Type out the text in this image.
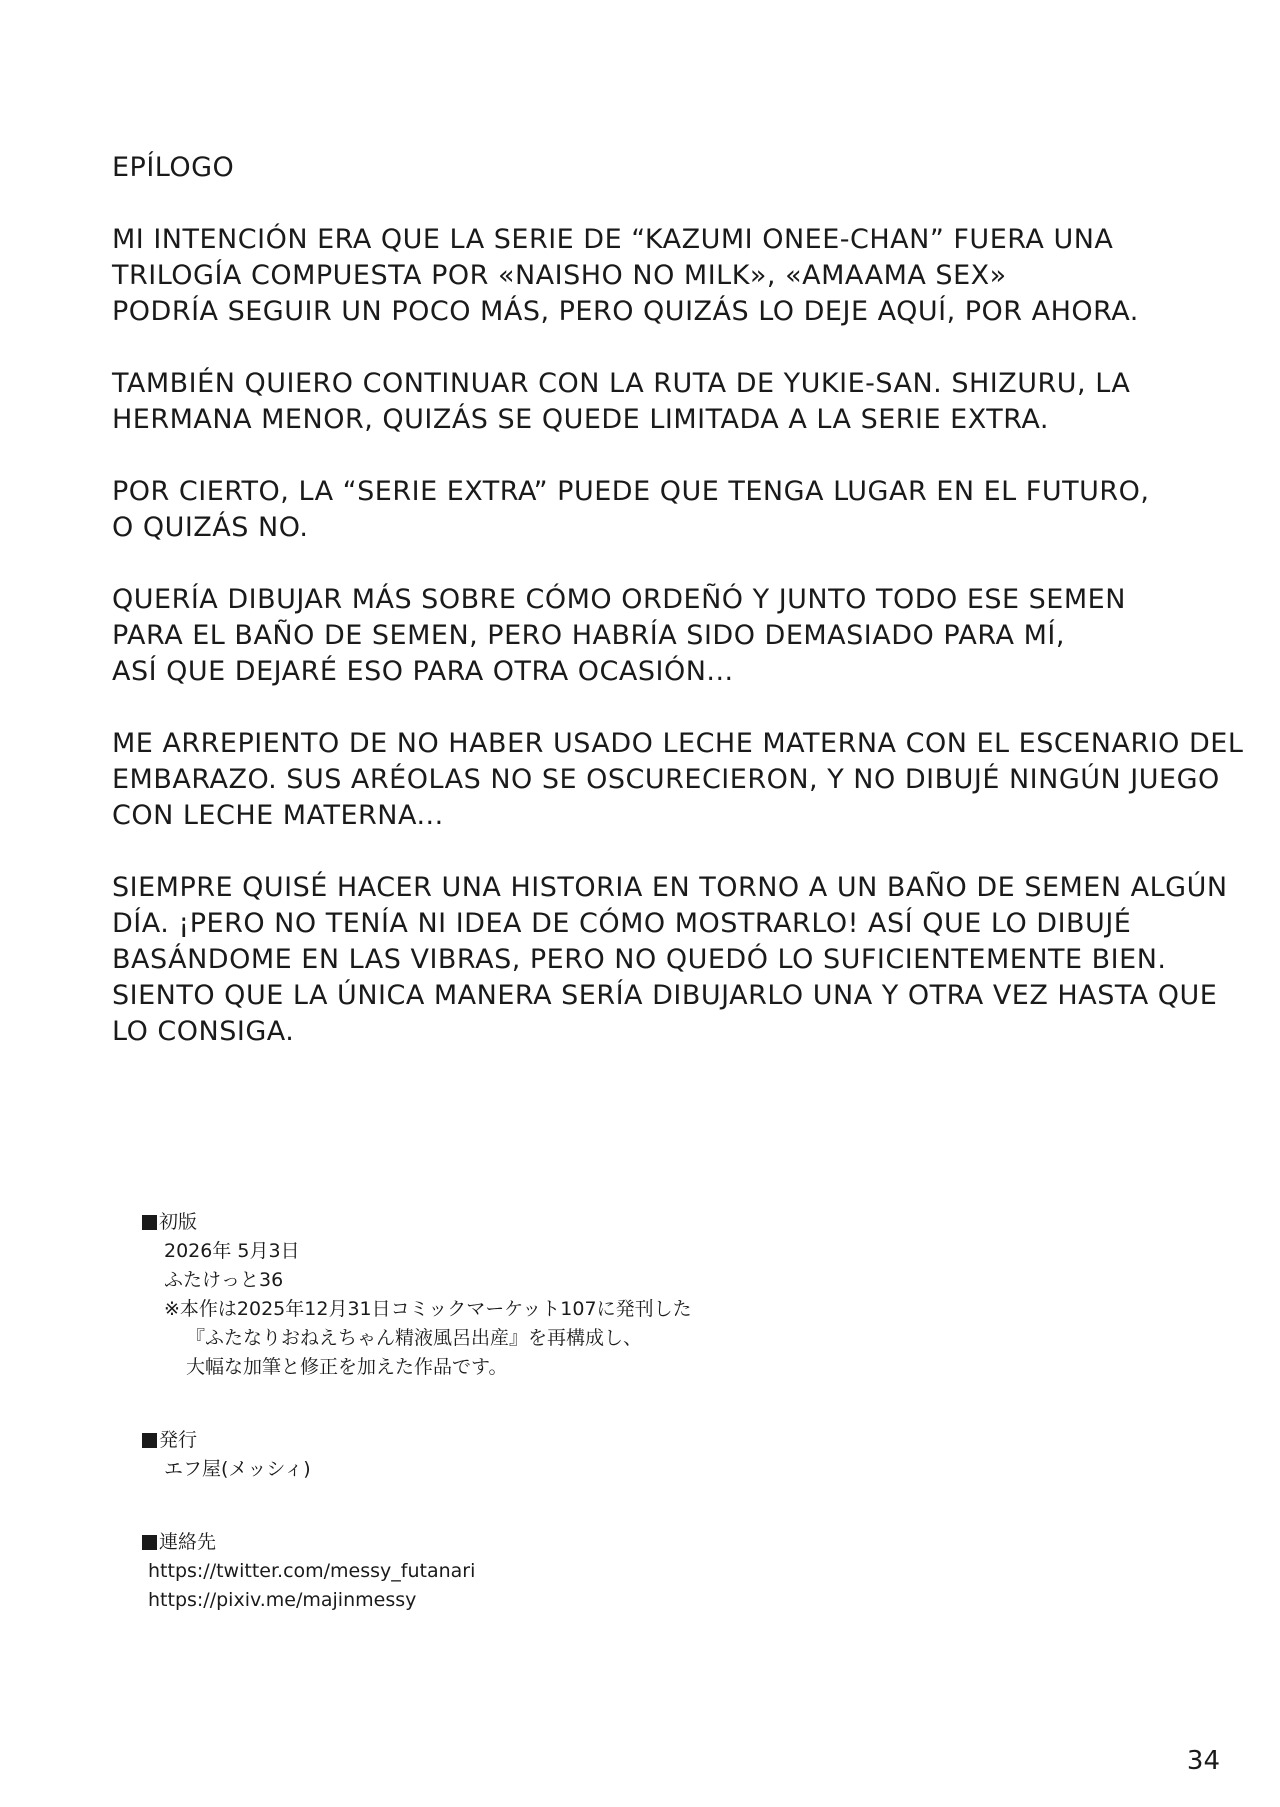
EPÍLOGO
MI INTENCIÓN ERA QUE LA SERIE DE “KAZUMI ONEE-CHAN” FUERA UNA
TRILOGÍA COMPUESTA POR «NAISHO NO MILK», «AMAAMA SEX»
PODRÍA SEGUIR UN POCO MÁS, PERO QUIZÁS LO DEJE AQUÍ, POR AHORA.
TAMBIÉN QUIERO CONTINUAR CON LA RUTA DE YUKIE-SAN. SHIZURU, LA
HERMANA MENOR, QUIZÁS SE QUEDE LIMITADA A LA SERIE EXTRA.
POR CIERTO, LA “SERIE EXTRA” PUEDE QUE TENGA LUGAR EN EL FUTURO,
O QUIZÁS NO.
QUERÍA DIBUJAR MÁS SOBRE CÓMO ORDEÑÓ Y JUNTO TODO ESE SEMEN
PARA EL BAÑO DE SEMEN, PERO HABRÍA SIDO DEMASIADO PARA MÍ,
ASÍ QUE DEJARÉ ESO PARA OTRA OCASIÓN...
ME ARREPIENTO DE NO HABER USADO LECHE MATERNA CON EL ESCENARIO DEL
EMBARAZO. SUS ARÉOLAS NO SE OSCURECIERON, Y NO DIBUJÉ NINGÚN JUEGO
CON LECHE MATERNA...
SIEMPRE QUISÉ HACER UNA HISTORIA EN TORNO A UN BAÑO DE SEMEN ALGÚN
DÍA. ¡PERO NO TENÍA NI IDEA DE CÓMO MOSTRARLO! ASÍ QUE LO DIBUJÉ
BASÁNDOME EN LAS VIBRAS, PERO NO QUEDÓ LO SUFICIENTEMENTE BIEN.
SIENTO QUE LA ÚNICA MANERA SERÍA DIBUJARLO UNA Y OTRA VEZ HASTA QUE
LO CONSIGA.
初版
2026年 5月3日
ふたけっと36
※本作は2025年12月31日コミックマーケット107に発刊した
『ふたなりおねえちゃん精液風呂出産』を再構成し、
大幅な加筆と修正を加えた作品です。
発行
エフ屋(メッシィ)
連絡先
https://twitter.com/messy_futanari
https://pixiv.me/majinmessy
34
